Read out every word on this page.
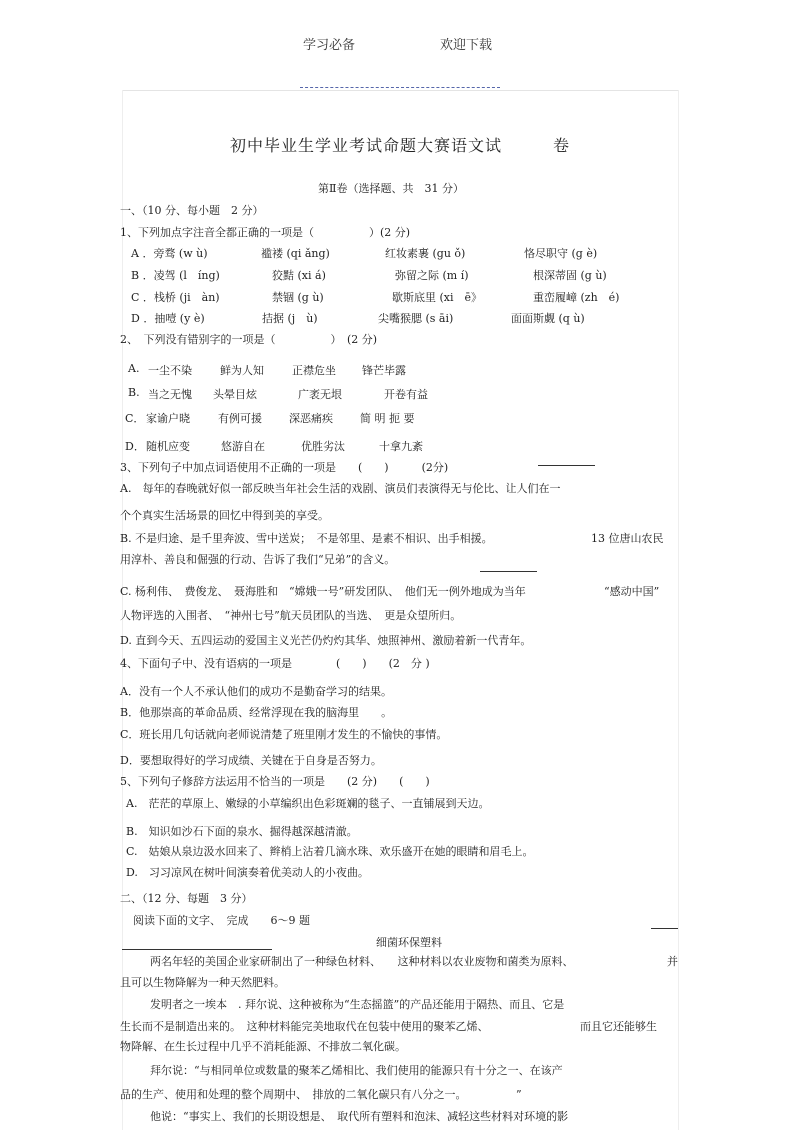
学习必备	欢迎下载
初中毕业生学业考试命题大赛语文试	卷
第Ⅱ卷（选择题、共　31 分）
一、（10 分、每小题　2 分）
1、下列加点字注音全都正确的一项是（　　　　　）(2 分)
A ．旁骛 (w ù)	褴褛 (qi ǎng)	红妆素裹 (gu ǒ)	恪尽职守 (g è)
B ．凌驾 (l　íng)	狡黠 (xi á)	弥留之际 (m í)	根深蒂固 (g ù)
C ．栈桥 (ji　àn)	禁锢 (g ù)	歇斯底里 (xi　ē》	重峦履嶂 (zh　é)
D ．抽噎 (y è)	拮据 (j　ù)	尖嘴猴腮 (s āi)	面面斯觑 (q ù)
2、　下列没有错别字的一项是（　　　　　）　(2 分)
A. 一尘不染	鲜为人知	正襟危坐 锋芒毕露
B. 当之无愧 头晕目炫	广袤无垠	开卷有益
C． 家谕户晓	有例可援 深恶痛疾 简 明 扼 要
D． 随机应变	悠游自在	优胜劣汰	十拿九紊
3、下列句子中加点词语使用不正确的一项是　　(　　)　　　(2分)
A.　每年的春晚就好似一部反映当年社会生活的戏剧、演员们表演得无与伦比、让人们在一
个个真实生活场景的回忆中得到美的享受。
B. 不是归途、是千里奔波、雪中送炭；　不是邻里、是素不相识、出手相援。	13 位唐山农民
用淳朴、善良和倔强的行动、告诉了我们“兄弟”的含义。
C. 杨利伟、　费俊龙、　聂海胜和　“嫦娥一号”研发团队、　他们无一例外地成为当年	“感动中国”
人物评选的入围者、　“神州七号”航天员团队的当选、　更是众望所归。
D. 直到今天、五四运动的爱国主义光芒仍灼灼其华、烛照神州、激励着新一代青年。
4、下面句子中、没有语病的一项是　　　　(　　)　　(2　分 )
A．没有一个人不承认他们的成功不是勤奋学习的结果。
B．他那崇高的革命品质、经常浮现在我的脑海里　　。
C．班长用几句话就向老师说清楚了班里刚才发生的不愉快的事情。
D．要想取得好的学习成绩、关键在于自身是否努力。
5、下列句子修辞方法运用不恰当的一项是　　(2 分)　　(　　)
A.　茫茫的草原上、嫩绿的小草编织出色彩斑斓的毯子、一直铺展到天边。
B.　知识如沙石下面的泉水、掘得越深越清澈。
C.　姑娘从泉边汲水回来了、辫梢上沾着几滴水珠、欢乐盛开在她的眼睛和眉毛上。
D.　习习凉风在树叶间演奏着优美动人的小夜曲。
二、（12 分、每题　3 分）
阅读下面的文字、　完成　　6～9 题
细菌环保塑料
两名年轻的美国企业家研制出了一种绿色材料、　　这种材料以农业废物和菌类为原料、	并
且可以生物降解为一种天然肥料。
发明者之一埃本　. 拜尔说、这种被称为“生态摇篮”的产品还能用于隔热、而且、它是
生长而不是制造出来的。　这种材料能完美地取代在包装中使用的聚苯乙烯、	而且它还能够生
物降解、在生长过程中几乎不消耗能源、不排放二氧化碳。
拜尔说：“与相同单位或数量的聚苯乙烯相比、我们使用的能源只有十分之一、在该产
品的生产、使用和处理的整个周期中、　排放的二氧化碳只有八分之一。　　　　　”
他说：“事实上、我们的长期设想是、　取代所有塑料和泡沫、减轻这些材料对环境的影
